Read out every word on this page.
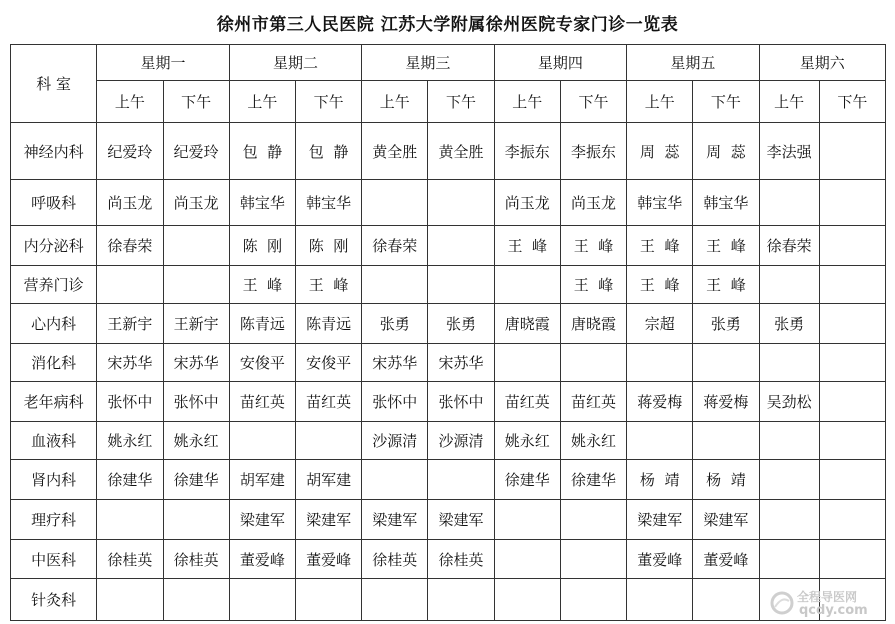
徐州市第三人民医院 江苏大学附属徐州医院专家门诊一览表
科 室	星期一		星期二		星期三		星期四		星期五		星期六	
	上午	下午	上午	下午	上午	下午	上午	下午	上午	下午	上午	下午
神经内科	纪爱玲	纪爱玲	包  静	包  静	黄全胜	黄全胜	李振东	李振东	周  蕊	周  蕊	李法强	
呼吸科	尚玉龙	尚玉龙	韩宝华	韩宝华			尚玉龙	尚玉龙	韩宝华	韩宝华		
内分泌科	徐春荣		陈  刚	陈  刚	徐春荣		王  峰	王  峰	王  峰	王  峰	徐春荣	
营养门诊			王  峰	王  峰				王  峰	王  峰	王  峰		
心内科	王新宇	王新宇	陈青远	陈青远	张勇	张勇	唐晓霞	唐晓霞	宗超	张勇	张勇	
消化科	宋苏华	宋苏华	安俊平	安俊平	宋苏华	宋苏华						
老年病科	张怀中	张怀中	苗红英	苗红英	张怀中	张怀中	苗红英	苗红英	蒋爱梅	蒋爱梅	吴劲松	
血液科	姚永红	姚永红			沙源清	沙源清	姚永红	姚永红				
肾内科	徐建华	徐建华	胡军建	胡军建			徐建华	徐建华	杨  靖	杨  靖		
理疗科			梁建军	梁建军	梁建军	梁建军			梁建军	梁建军		
中医科	徐桂英	徐桂英	董爱峰	董爱峰	徐桂英	徐桂英			董爱峰	董爱峰		
针灸科													全程导医网
qcdy.com
